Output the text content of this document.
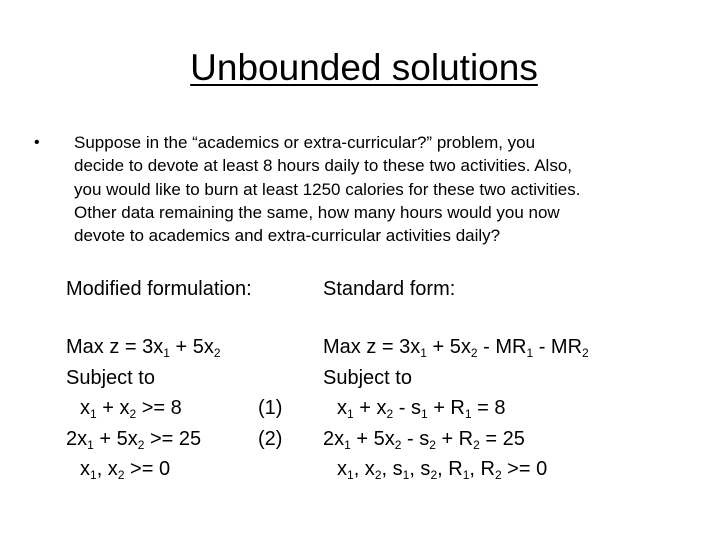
Unbounded solutions
• Suppose in the “academics or extra-curricular?” problem, you
decide to devote at least 8 hours daily to these two activities. Also,
you would like to burn at least 1250 calories for these two activities.
Other data remaining the same, how many hours would you now
devote to academics and extra-curricular activities daily?
Modified formulation:
Max $z = 3x_1 + 5x_2$
Subject to
$x_1 + x_2 >= 8$	(1)
$2x_1 + 5x_2 >= 25$	(2)
$x_1$, $x_2 >= 0$
Standard form:
Max $z = 3x_1 + 5x_2 - MR_1 - MR_2$
Subject to
$x_1 + x_2 - s_1 + R_1 = 8$
$2x_1 + 5x_2 - s_2 + R_2 = 25$
$x_1$, $x_2$, $s_1$, $s_2$, $R_1$, $R_2 >= 0$
